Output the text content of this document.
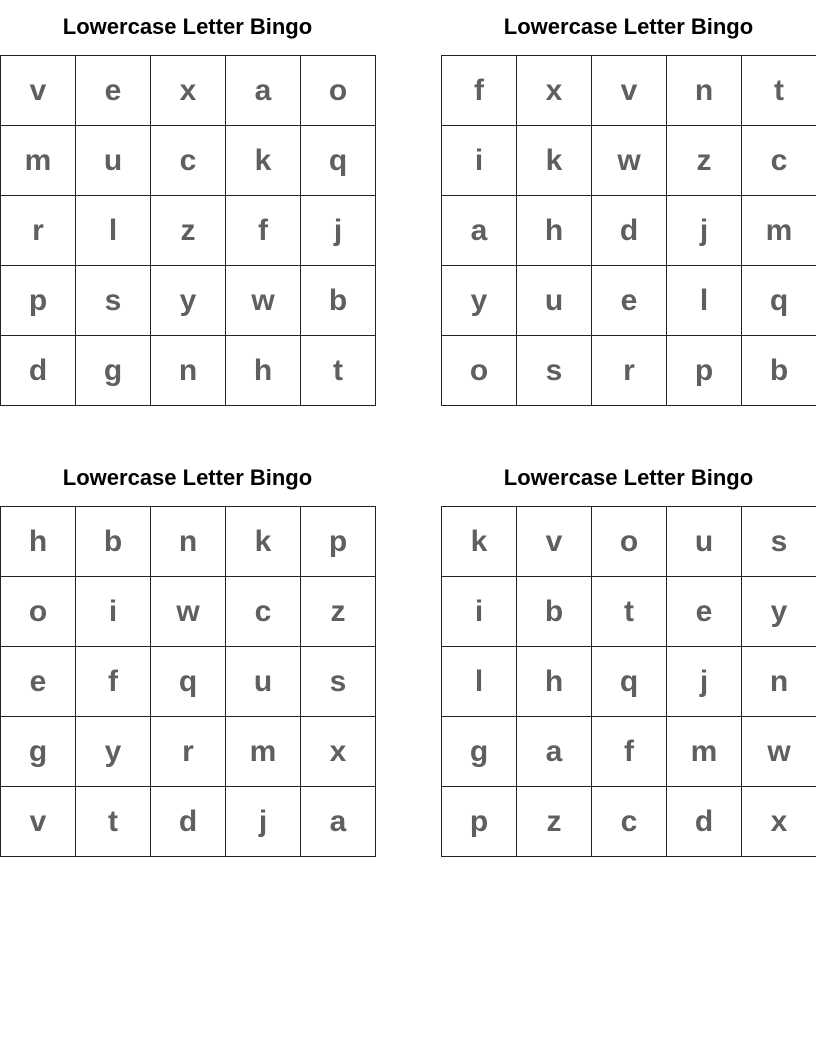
Lowercase Letter Bingo
v	e	x	a	o
m	u	c	k	q
r	l	z	f	j
p	s	y	w	b
d	g	n	h	t
Lowercase Letter Bingo
f	x	v	n	t
i	k	w	z	c
a	h	d	j	m
y	u	e	l	q
o	s	r	p	b
Lowercase Letter Bingo
h	b	n	k	p
o	i	w	c	z
e	f	q	u	s
g	y	r	m	x
v	t	d	j	a
Lowercase Letter Bingo
k	v	o	u	s
i	b	t	e	y
l	h	q	j	n
g	a	f	m	w
p	z	c	d	x
